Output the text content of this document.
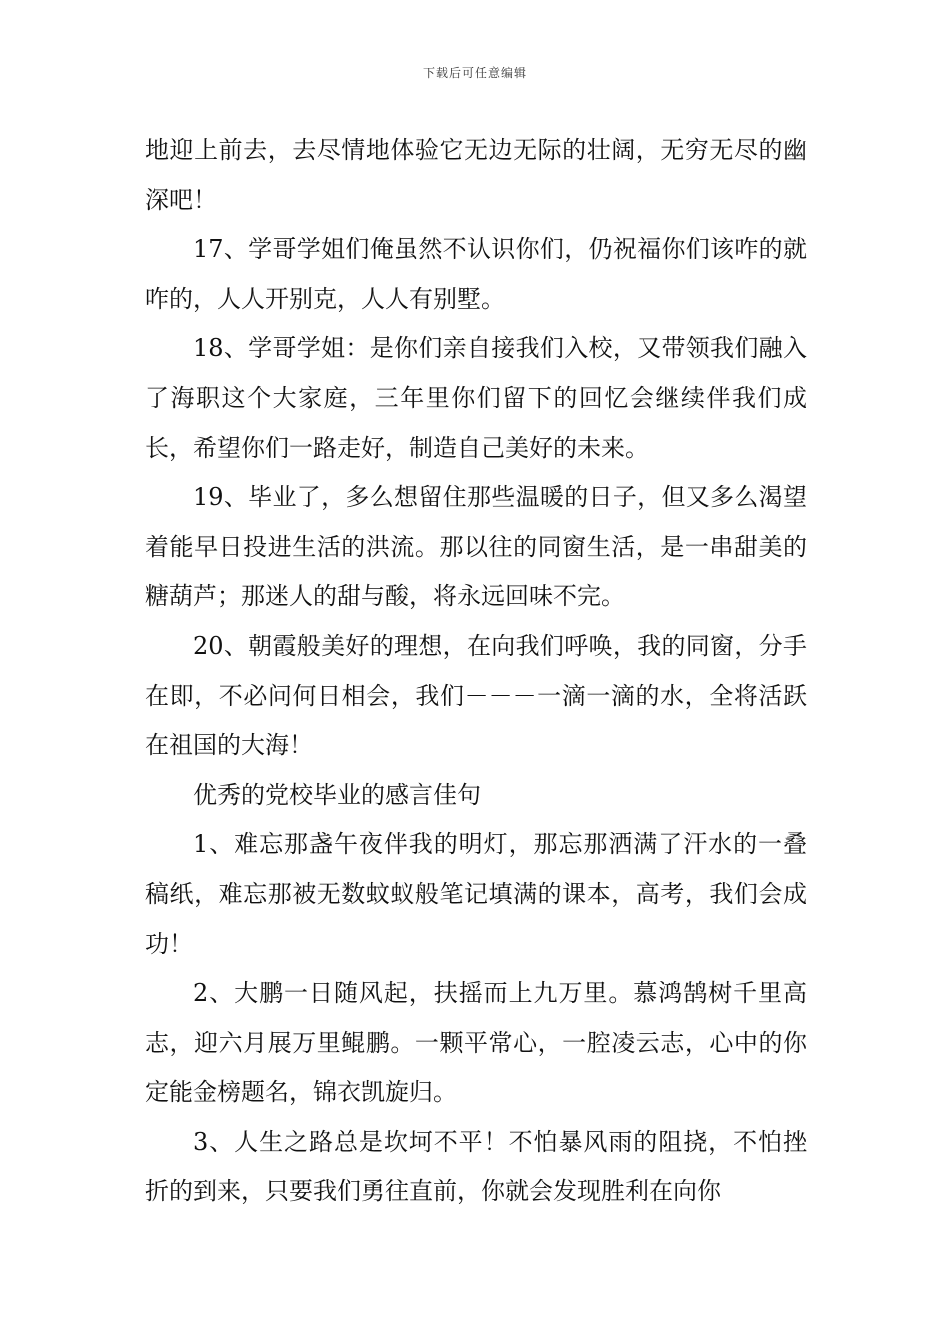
下载后可任意编辑

地迎上前去，去尽情地体验它无边无际的壮阔，无穷无尽的幽深吧！

17、学哥学姐们俺虽然不认识你们，仍祝福你们该咋的就咋的，人人开别克，人人有别墅。

18、学哥学姐：是你们亲自接我们入校，又带领我们融入了海职这个大家庭，三年里你们留下的回忆会继续伴我们成长，希望你们一路走好，制造自己美好的未来。

19、毕业了，多么想留住那些温暖的日子，但又多么渴望着能早日投进生活的洪流。那以往的同窗生活，是一串甜美的糖葫芦；那迷人的甜与酸，将永远回味不完。

20、朝霞般美好的理想，在向我们呼唤，我的同窗，分手在即，不必问何日相会，我们－－－一滴一滴的水，全将活跃在祖国的大海！

优秀的党校毕业的感言佳句

1、难忘那盏午夜伴我的明灯，那忘那洒满了汗水的一叠稿纸，难忘那被无数蚊蚁般笔记填满的课本，高考，我们会成功！

2、大鹏一日随风起，扶摇而上九万里。慕鸿鹄树千里高志，迎六月展万里鲲鹏。一颗平常心，一腔凌云志，心中的你定能金榜题名，锦衣凯旋归。

3、人生之路总是坎坷不平！不怕暴风雨的阻挠，不怕挫折的到来，只要我们勇往直前，你就会发现胜利在向你
